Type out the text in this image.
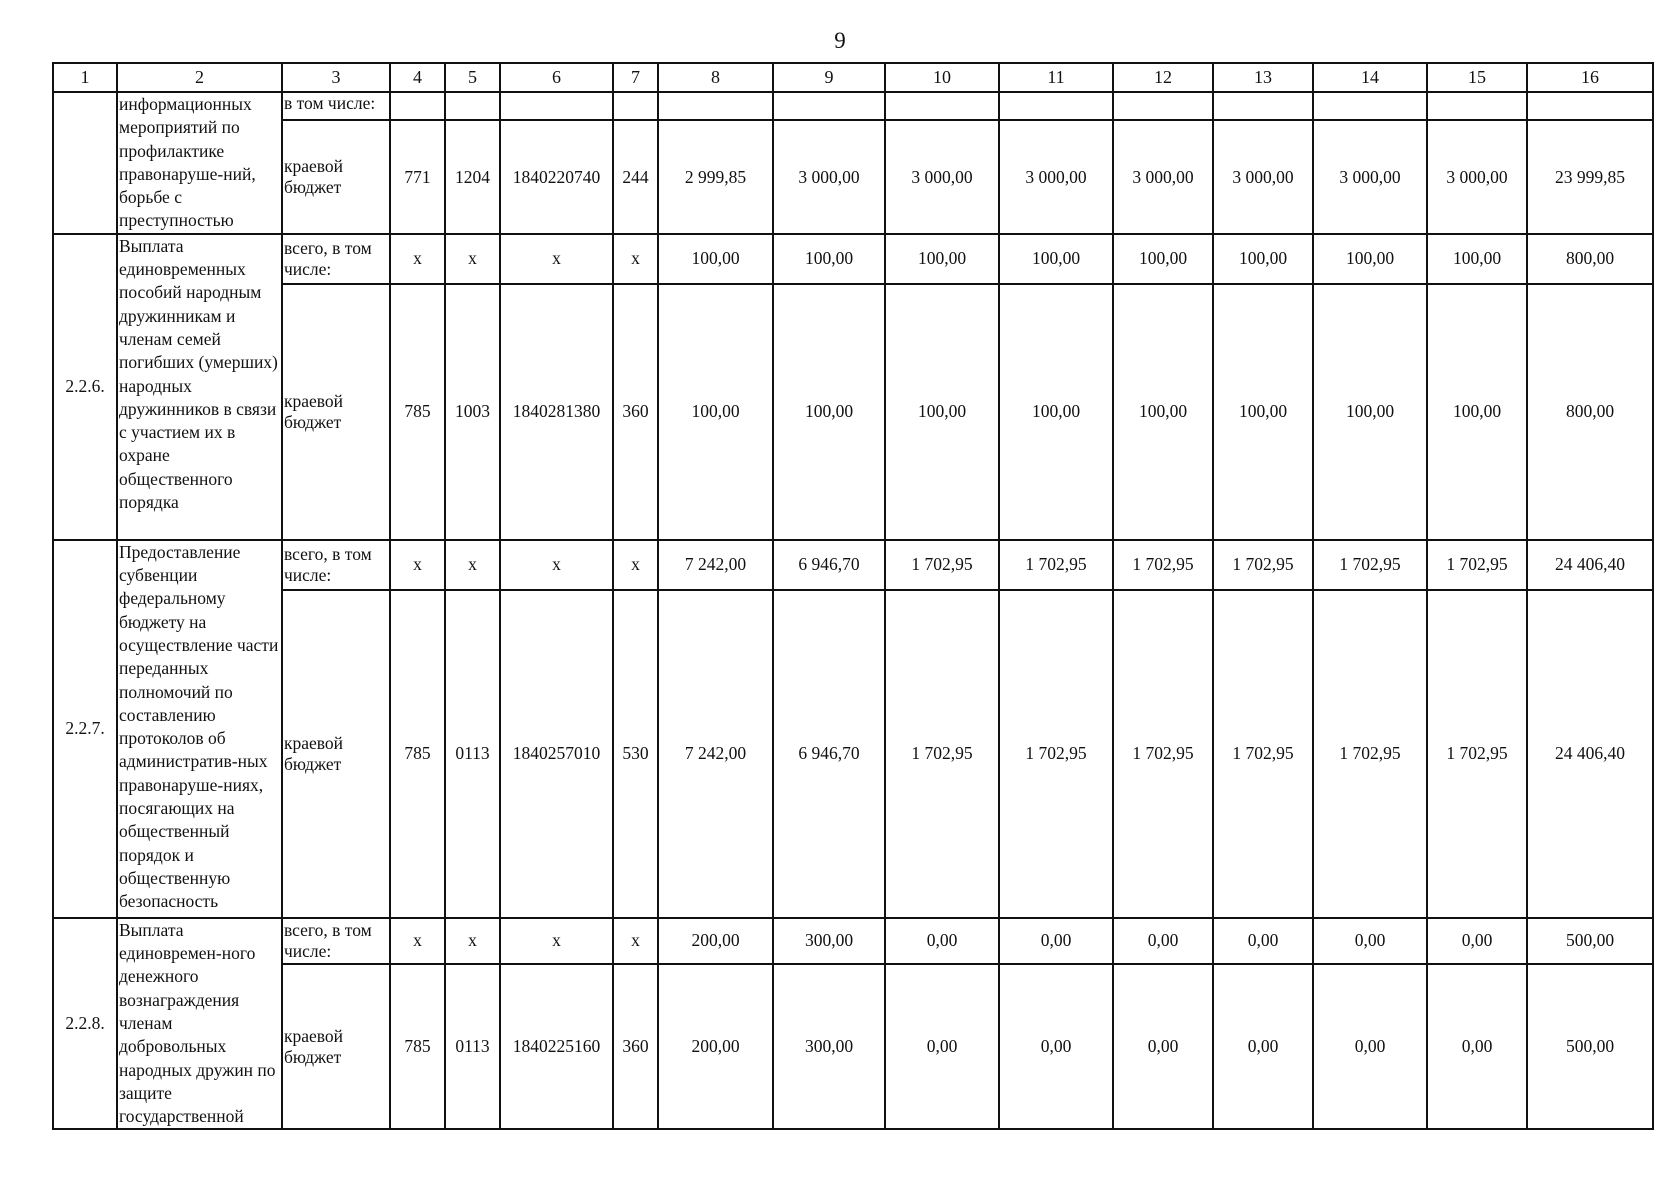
9
1	2	3	4	5	6	7	8	9	10	11	12	13	14	15	16
	информационных мероприятий по профилактике правонаруше-ний, борьбе с преступностью	в том числе:													
		краевой бюджет	771	1204	1840220740	244	2 999,85	3 000,00	3 000,00	3 000,00	3 000,00	3 000,00	3 000,00	3 000,00	23 999,85
2.2.6.	Выплата единовременных пособий народным дружинникам и членам семей погибших (умерших) народных дружинников в связи с участием их в охране общественного порядка	всего, в том числе:	x	x	x	x	100,00	100,00	100,00	100,00	100,00	100,00	100,00	100,00	800,00
		краевой бюджет	785	1003	1840281380	360	100,00	100,00	100,00	100,00	100,00	100,00	100,00	100,00	800,00
2.2.7.	Предоставление субвенции федеральному бюджету на осуществление части переданных полномочий по составлению протоколов об административ-ных правонаруше-ниях, посягающих на общественный порядок и общественную безопасность	всего, в том числе:	x	x	x	x	7 242,00	6 946,70	1 702,95	1 702,95	1 702,95	1 702,95	1 702,95	1 702,95	24 406,40
		краевой бюджет	785	0113	1840257010	530	7 242,00	6 946,70	1 702,95	1 702,95	1 702,95	1 702,95	1 702,95	1 702,95	24 406,40
2.2.8.	Выплата единовремен-ного денежного вознаграждения членам добровольных народных дружин по защите государственной	всего, в том числе:	x	x	x	x	200,00	300,00	0,00	0,00	0,00	0,00	0,00	0,00	500,00
		краевой бюджет	785	0113	1840225160	360	200,00	300,00	0,00	0,00	0,00	0,00	0,00	0,00	500,00
